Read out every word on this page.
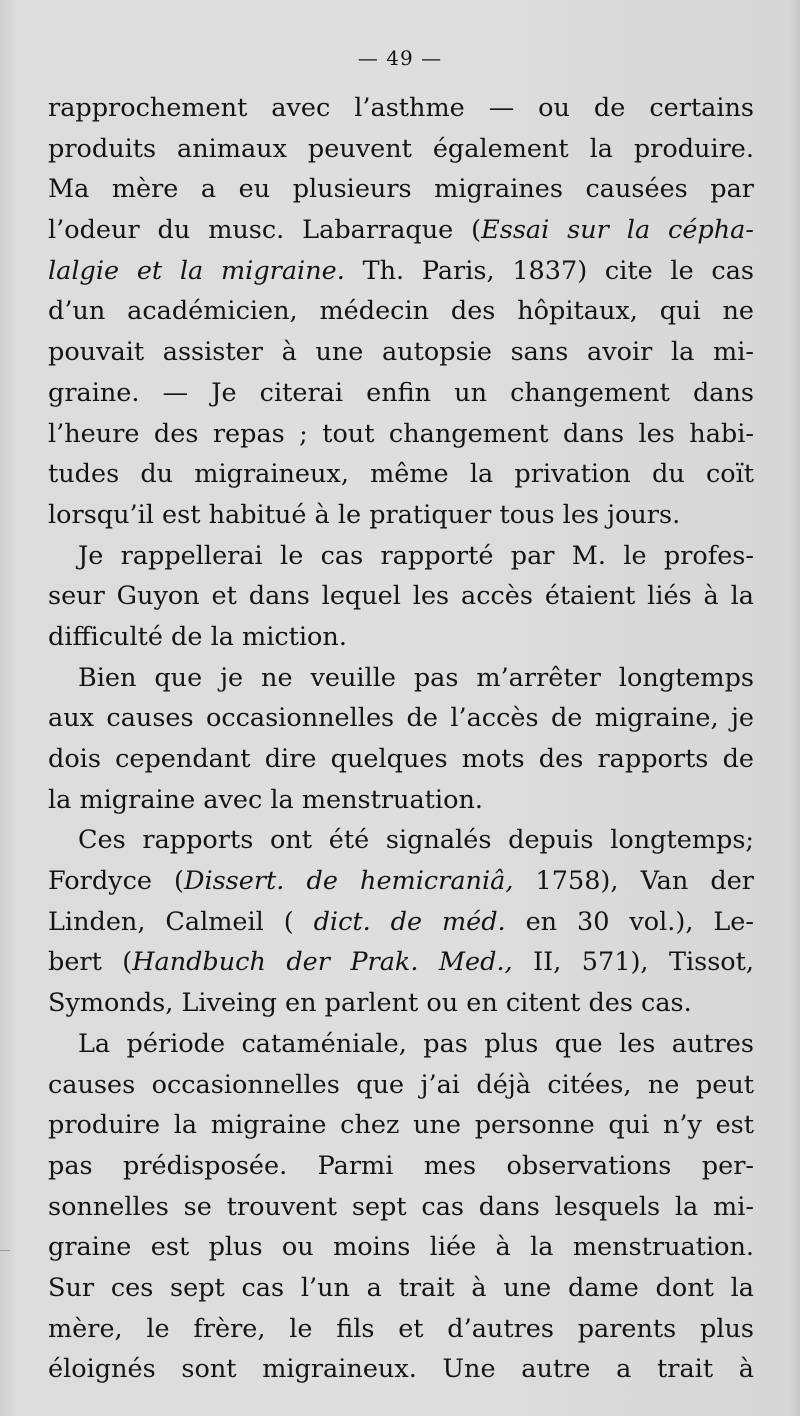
— 49 —
rapprochement avec l’asthme — ou de certains
produits animaux peuvent également la produire.
Ma mère a eu plusieurs migraines causées par
l’odeur du musc. Labarraque (Essai sur la cépha-
lalgie et la migraine. Th. Paris, 1837) cite le cas
d’un académicien, médecin des hôpitaux, qui ne
pouvait assister à une autopsie sans avoir la mi-
graine. — Je citerai enfin un changement dans
l’heure des repas ; tout changement dans les habi-
tudes du migraineux, même la privation du coït
lorsqu’il est habitué à le pratiquer tous les jours.
Je rappellerai le cas rapporté par M. le profes-
seur Guyon et dans lequel les accès étaient liés à la
difficulté de la miction.
Bien que je ne veuille pas m’arrêter longtemps
aux causes occasionnelles de l’accès de migraine, je
dois cependant dire quelques mots des rapports de
la migraine avec la menstruation.
Ces rapports ont été signalés depuis longtemps;
Fordyce (Dissert. de hemicraniâ, 1758), Van der
Linden, Calmeil ( dict. de méd. en 30 vol.), Le-
bert (Handbuch der Prak. Med., II, 571), Tissot,
Symonds, Liveing en parlent ou en citent des cas.
La période cataméniale, pas plus que les autres
causes occasionnelles que j’ai déjà citées, ne peut
produire la migraine chez une personne qui n’y est
pas prédisposée. Parmi mes observations per-
sonnelles se trouvent sept cas dans lesquels la mi-
graine est plus ou moins liée à la menstruation.
Sur ces sept cas l’un a trait à une dame dont la
mère, le frère, le fils et d’autres parents plus
éloignés sont migraineux. Une autre a trait à
